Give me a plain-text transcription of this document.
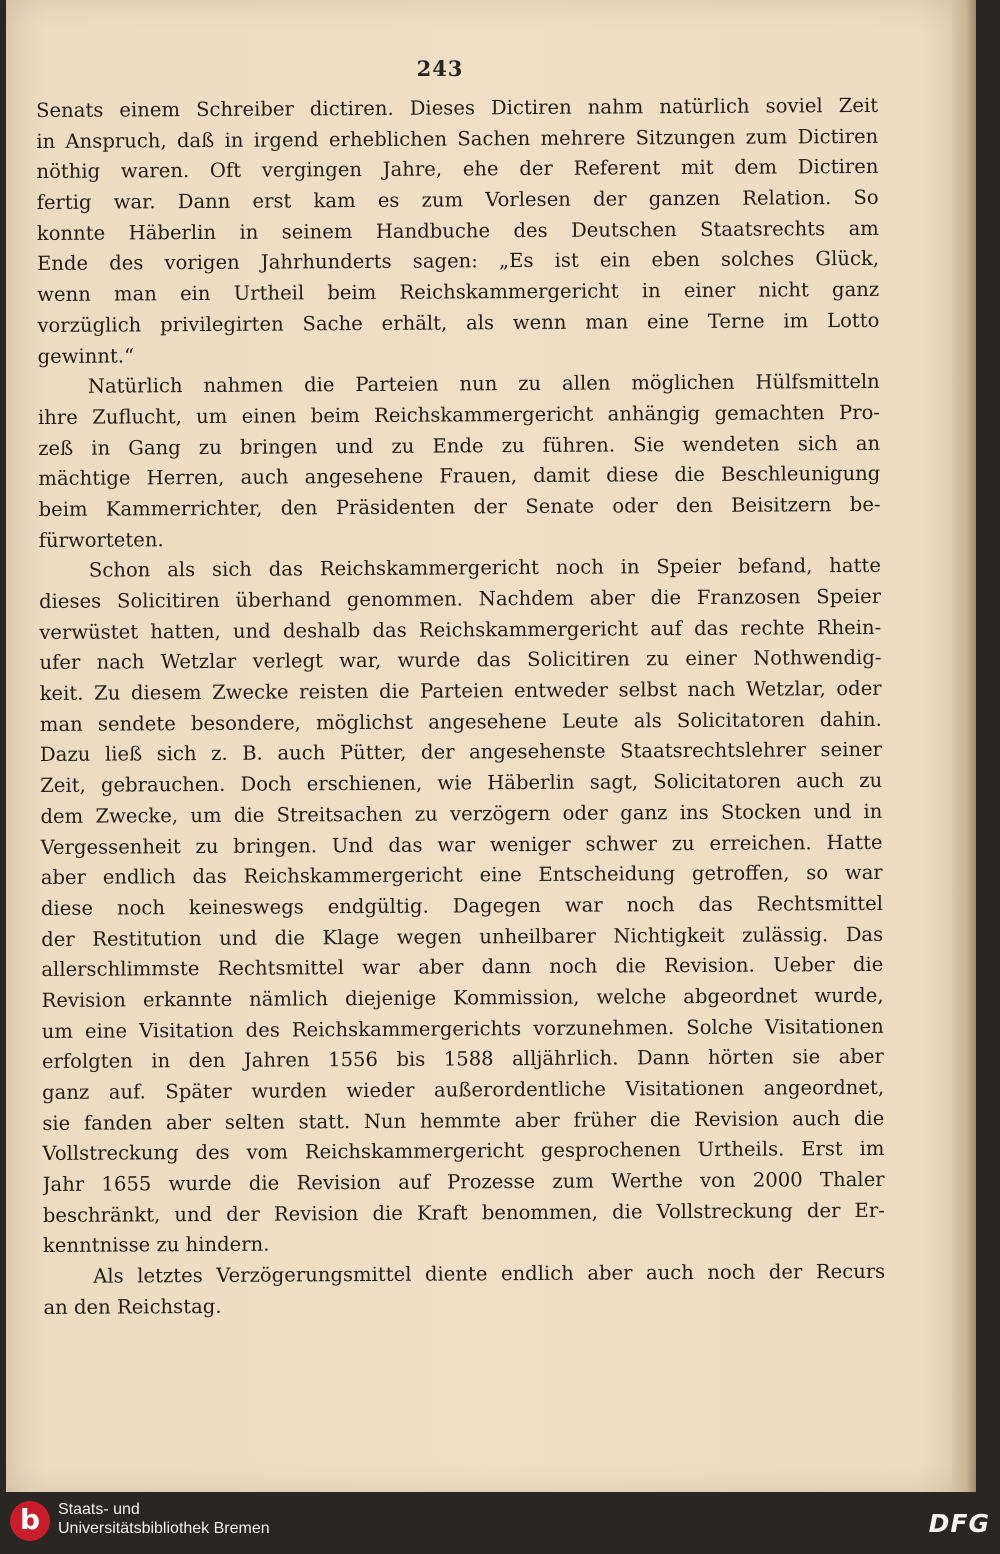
243
Senats einem Schreiber dictiren. Dieses Dictiren nahm natürlich soviel Zeit
in Anspruch, daß in irgend erheblichen Sachen mehrere Sitzungen zum Dictiren
nöthig waren. Oft vergingen Jahre, ehe der Referent mit dem Dictiren
fertig war. Dann erst kam es zum Vorlesen der ganzen Relation. So
konnte Häberlin in seinem Handbuche des Deutschen Staatsrechts am
Ende des vorigen Jahrhunderts sagen: „Es ist ein eben solches Glück,
wenn man ein Urtheil beim Reichskammergericht in einer nicht ganz
vorzüglich privilegirten Sache erhält, als wenn man eine Terne im Lotto
gewinnt.“
Natürlich nahmen die Parteien nun zu allen möglichen Hülfsmitteln
ihre Zuflucht, um einen beim Reichskammergericht anhängig gemachten Pro-
zeß in Gang zu bringen und zu Ende zu führen. Sie wendeten sich an
mächtige Herren, auch angesehene Frauen, damit diese die Beschleunigung
beim Kammerrichter, den Präsidenten der Senate oder den Beisitzern be-
fürworteten.
Schon als sich das Reichskammergericht noch in Speier befand, hatte
dieses Solicitiren überhand genommen. Nachdem aber die Franzosen Speier
verwüstet hatten, und deshalb das Reichskammergericht auf das rechte Rhein-
ufer nach Wetzlar verlegt war, wurde das Solicitiren zu einer Nothwendig-
keit. Zu diesem Zwecke reisten die Parteien entweder selbst nach Wetzlar, oder
man sendete besondere, möglichst angesehene Leute als Solicitatoren dahin.
Dazu ließ sich z. B. auch Pütter, der angesehenste Staatsrechtslehrer seiner
Zeit, gebrauchen. Doch erschienen, wie Häberlin sagt, Solicitatoren auch zu
dem Zwecke, um die Streitsachen zu verzögern oder ganz ins Stocken und in
Vergessenheit zu bringen. Und das war weniger schwer zu erreichen. Hatte
aber endlich das Reichskammergericht eine Entscheidung getroffen, so war
diese noch keineswegs endgültig. Dagegen war noch das Rechtsmittel
der Restitution und die Klage wegen unheilbarer Nichtigkeit zulässig. Das
allerschlimmste Rechtsmittel war aber dann noch die Revision. Ueber die
Revision erkannte nämlich diejenige Kommission, welche abgeordnet wurde,
um eine Visitation des Reichskammergerichts vorzunehmen. Solche Visitationen
erfolgten in den Jahren 1556 bis 1588 alljährlich. Dann hörten sie aber
ganz auf. Später wurden wieder außerordentliche Visitationen angeordnet,
sie fanden aber selten statt. Nun hemmte aber früher die Revision auch die
Vollstreckung des vom Reichskammergericht gesprochenen Urtheils. Erst im
Jahr 1655 wurde die Revision auf Prozesse zum Werthe von 2000 Thaler
beschränkt, und der Revision die Kraft benommen, die Vollstreckung der Er-
kenntnisse zu hindern.
Als letztes Verzögerungsmittel diente endlich aber auch noch der Recurs
an den Reichstag.
b	Staats- und
Universitätsbibliothek Bremen	DFG
